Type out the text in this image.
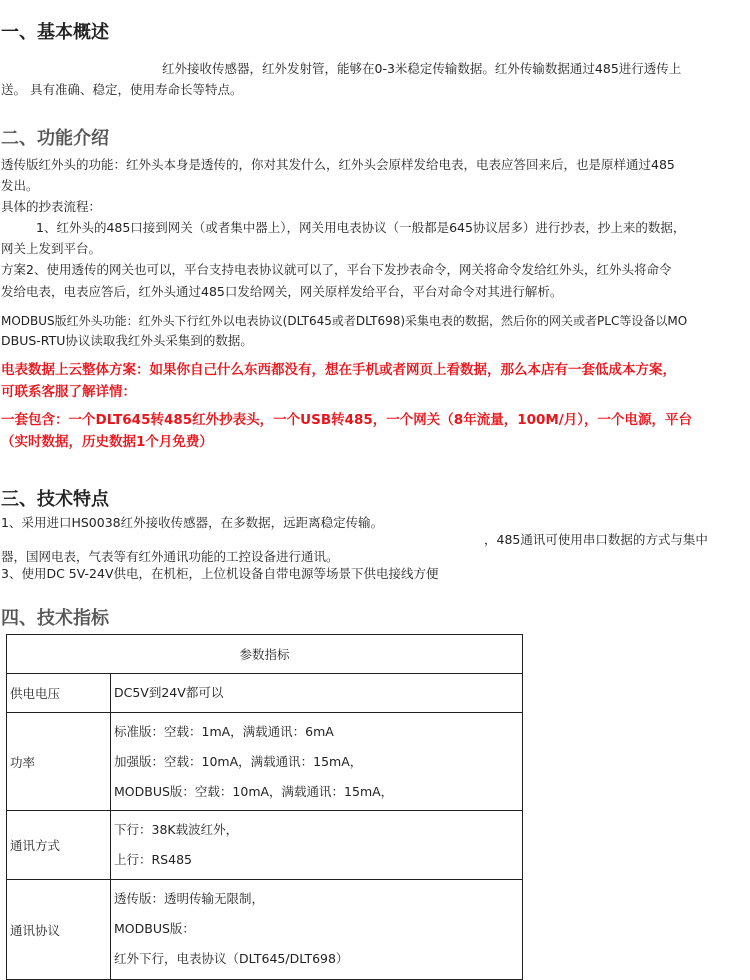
一、基本概述
红外接收传感器，红外发射管，能够在0-3米稳定传输数据。红外传输数据通过485进行透传上
送。 具有准确、稳定，使用寿命长等特点。
二、功能介绍
透传版红外头的功能：红外头本身是透传的，你对其发什么，红外头会原样发给电表，电表应答回来后，也是原样通过485
发出。
具体的抄表流程：
1、红外头的485口接到网关（或者集中器上），网关用电表协议（一般都是645协议居多）进行抄表，抄上来的数据，
网关上发到平台。
方案2、使用透传的网关也可以，平台支持电表协议就可以了，平台下发抄表命令，网关将命令发给红外头，红外头将命令
发给电表，电表应答后，红外头通过485口发给网关，网关原样发给平台，平台对命令对其进行解析。
MODBUS版红外头功能：红外头下行红外以电表协议(DLT645或者DLT698)采集电表的数据，然后你的网关或者PLC等设备以MO
DBUS-RTU协议读取我红外头采集到的数据。
电表数据上云整体方案：如果你自己什么东西都没有，想在手机或者网页上看数据，那么本店有一套低成本方案，
可联系客服了解详情：
一套包含：一个DLT645转485红外抄表头，一个USB转485，一个网关（8年流量，100M/月），一个电源，平台
（实时数据，历史数据1个月免费）
三、技术特点
1、采用进口HS0038红外接收传感器，在多数据，远距离稳定传输。
，485通讯可使用串口数据的方式与集中
器，国网电表，气表等有红外通讯功能的工控设备进行通讯。
3、使用DC 5V-24V供电，在机柜，上位机设备自带电源等场景下供电接线方便
四、技术指标
参数指标	
供电电压	DC5V到24V都可以

功率	标准版：空载：1mA，满载通讯：6mA
加强版：空载：10mA，满载通讯：15mA，
MODBUS版：空载：10mA，满载通讯：15mA，

通讯方式	下行：38K载波红外，
上行：RS485

通讯协议	透传版：透明传输无限制，
MODBUS版：
红外下行，电表协议（DLT645/DLT698）
